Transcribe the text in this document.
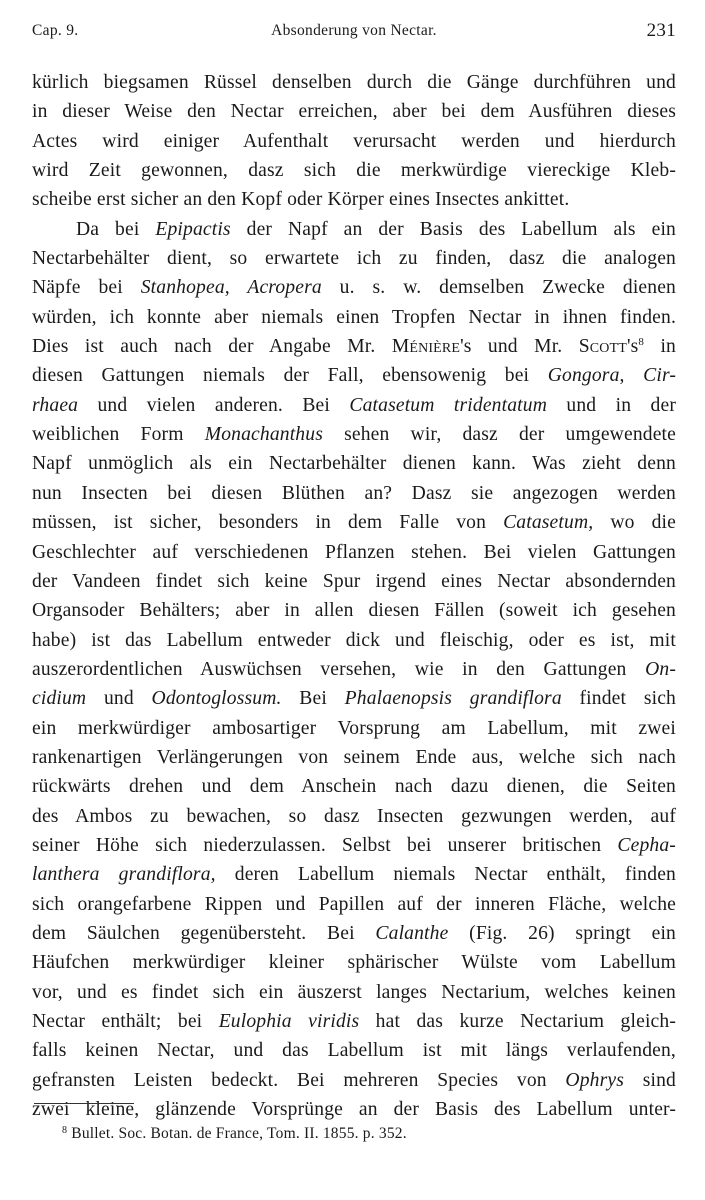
Cap. 9.	Absonderung von Nectar.	231
kürlich biegsamen Rüssel denselben durch die Gänge durchführen und
in dieser Weise den Nectar erreichen, aber bei dem Ausführen dieses
Actes wird einiger Aufenthalt verursacht werden und hierdurch
wird Zeit gewonnen, dasz sich die merkwürdige viereckige Kleb-
scheibe erst sicher an den Kopf oder Körper eines Insectes ankittet.
Da bei Epipactis der Napf an der Basis des Labellum als ein
Nectarbehälter dient, so erwartete ich zu finden, dasz die analogen
Näpfe bei Stanhopea, Acropera u. s. w. demselben Zwecke dienen
würden, ich konnte aber niemals einen Tropfen Nectar in ihnen finden.
Dies ist auch nach der Angabe Mr. Ménière's und Mr. $Scott's^8$ in
diesen Gattungen niemals der Fall, ebensowenig bei Gongora, Cir-
rhaea und vielen anderen. Bei Catasetum tridentatum und in der
weiblichen Form Monachanthus sehen wir, dasz der umgewendete
Napf unmöglich als ein Nectarbehälter dienen kann. Was zieht denn
nun Insecten bei diesen Blüthen an? Dasz sie angezogen werden
müssen, ist sicher, besonders in dem Falle von Catasetum, wo die
Geschlechter auf verschiedenen Pflanzen stehen. Bei vielen Gattungen
der Vandeen findet sich keine Spur irgend eines Nectar absondernden
Organsoder Behälters; aber in allen diesen Fällen (soweit ich gesehen
habe) ist das Labellum entweder dick und fleischig, oder es ist, mit
auszerordentlichen Auswüchsen versehen, wie in den Gattungen On-
cidium und Odontoglossum. Bei Phalaenopsis grandiflora findet sich
ein merkwürdiger ambosartiger Vorsprung am Labellum, mit zwei
rankenartigen Verlängerungen von seinem Ende aus, welche sich nach
rückwärts drehen und dem Anschein nach dazu dienen, die Seiten
des Ambos zu bewachen, so dasz Insecten gezwungen werden, auf
seiner Höhe sich niederzulassen. Selbst bei unserer britischen Cepha-
lanthera grandiflora, deren Labellum niemals Nectar enthält, finden
sich orangefarbene Rippen und Papillen auf der inneren Fläche, welche
dem Säulchen gegenübersteht. Bei Calanthe (Fig. 26) springt ein
Häufchen merkwürdiger kleiner sphärischer Wülste vom Labellum
vor, und es findet sich ein äuszerst langes Nectarium, welches keinen
Nectar enthält; bei Eulophia viridis hat das kurze Nectarium gleich-
falls keinen Nectar, und das Labellum ist mit längs verlaufenden,
gefransten Leisten bedeckt. Bei mehreren Species von Ophrys sind
zwei kleine, glänzende Vorsprünge an der Basis des Labellum unter-
$^8$ Bullet. Soc. Botan. de France, Tom. II. 1855. p. 352.
